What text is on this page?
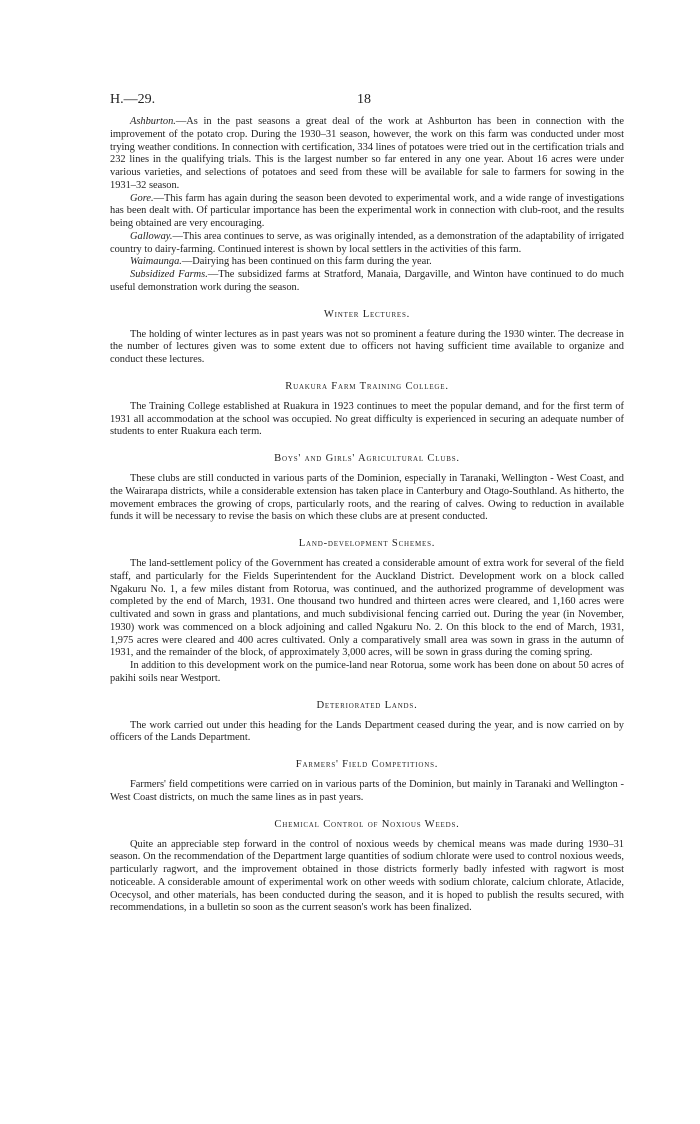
H.—29.	18

Ashburton.—As in the past seasons a great deal of the work at Ashburton has been in connection with the improvement of the potato crop. During the 1930–31 season, however, the work on this farm was conducted under most trying weather conditions. In connection with certification, 334 lines of potatoes were tried out in the certification trials and 232 lines in the qualifying trials. This is the largest number so far entered in any one year. About 16 acres were under various varieties, and selections of potatoes and seed from these will be available for sale to farmers for sowing in the 1931–32 season.

Gore.—This farm has again during the season been devoted to experimental work, and a wide range of investigations has been dealt with. Of particular importance has been the experimental work in connection with club-root, and the results being obtained are very encouraging.

Galloway.—This area continues to serve, as was originally intended, as a demonstration of the adaptability of irrigated country to dairy-farming. Continued interest is shown by local settlers in the activities of this farm.

Waimaunga.—Dairying has been continued on this farm during the year.

Subsidized Farms.—The subsidized farms at Stratford, Manaia, Dargaville, and Winton have continued to do much useful demonstration work during the season.

Winter Lectures.

The holding of winter lectures as in past years was not so prominent a feature during the 1930 winter. The decrease in the number of lectures given was to some extent due to officers not having sufficient time available to organize and conduct these lectures.

Ruakura Farm Training College.

The Training College established at Ruakura in 1923 continues to meet the popular demand, and for the first term of 1931 all accommodation at the school was occupied. No great difficulty is experienced in securing an adequate number of students to enter Ruakura each term.

Boys' and Girls' Agricultural Clubs.

These clubs are still conducted in various parts of the Dominion, especially in Taranaki, Wellington - West Coast, and the Wairarapa districts, while a considerable extension has taken place in Canterbury and Otago-Southland. As hitherto, the movement embraces the growing of crops, particularly roots, and the rearing of calves. Owing to reduction in available funds it will be necessary to revise the basis on which these clubs are at present conducted.

Land-development Schemes.

The land-settlement policy of the Government has created a considerable amount of extra work for several of the field staff, and particularly for the Fields Superintendent for the Auckland District. Development work on a block called Ngakuru No. 1, a few miles distant from Rotorua, was continued, and the authorized programme of development was completed by the end of March, 1931. One thousand two hundred and thirteen acres were cleared, and 1,160 acres were cultivated and sown in grass and plantations, and much subdivisional fencing carried out. During the year (in November, 1930) work was commenced on a block adjoining and called Ngakuru No. 2. On this block to the end of March, 1931, 1,975 acres were cleared and 400 acres cultivated. Only a comparatively small area was sown in grass in the autumn of 1931, and the remainder of the block, of approximately 3,000 acres, will be sown in grass during the coming spring.

In addition to this development work on the pumice-land near Rotorua, some work has been done on about 50 acres of pakihi soils near Westport.

Deteriorated Lands.

The work carried out under this heading for the Lands Department ceased during the year, and is now carried on by officers of the Lands Department.

Farmers' Field Competitions.

Farmers' field competitions were carried on in various parts of the Dominion, but mainly in Taranaki and Wellington - West Coast districts, on much the same lines as in past years.

Chemical Control of Noxious Weeds.

Quite an appreciable step forward in the control of noxious weeds by chemical means was made during 1930–31 season. On the recommendation of the Department large quantities of sodium chlorate were used to control noxious weeds, particularly ragwort, and the improvement obtained in those districts formerly badly infested with ragwort is most noticeable. A considerable amount of experimental work on other weeds with sodium chlorate, calcium chlorate, Atlacide, Ocecysol, and other materials, has been conducted during the season, and it is hoped to publish the results secured, with recommendations, in a bulletin so soon as the current season's work has been finalized.
